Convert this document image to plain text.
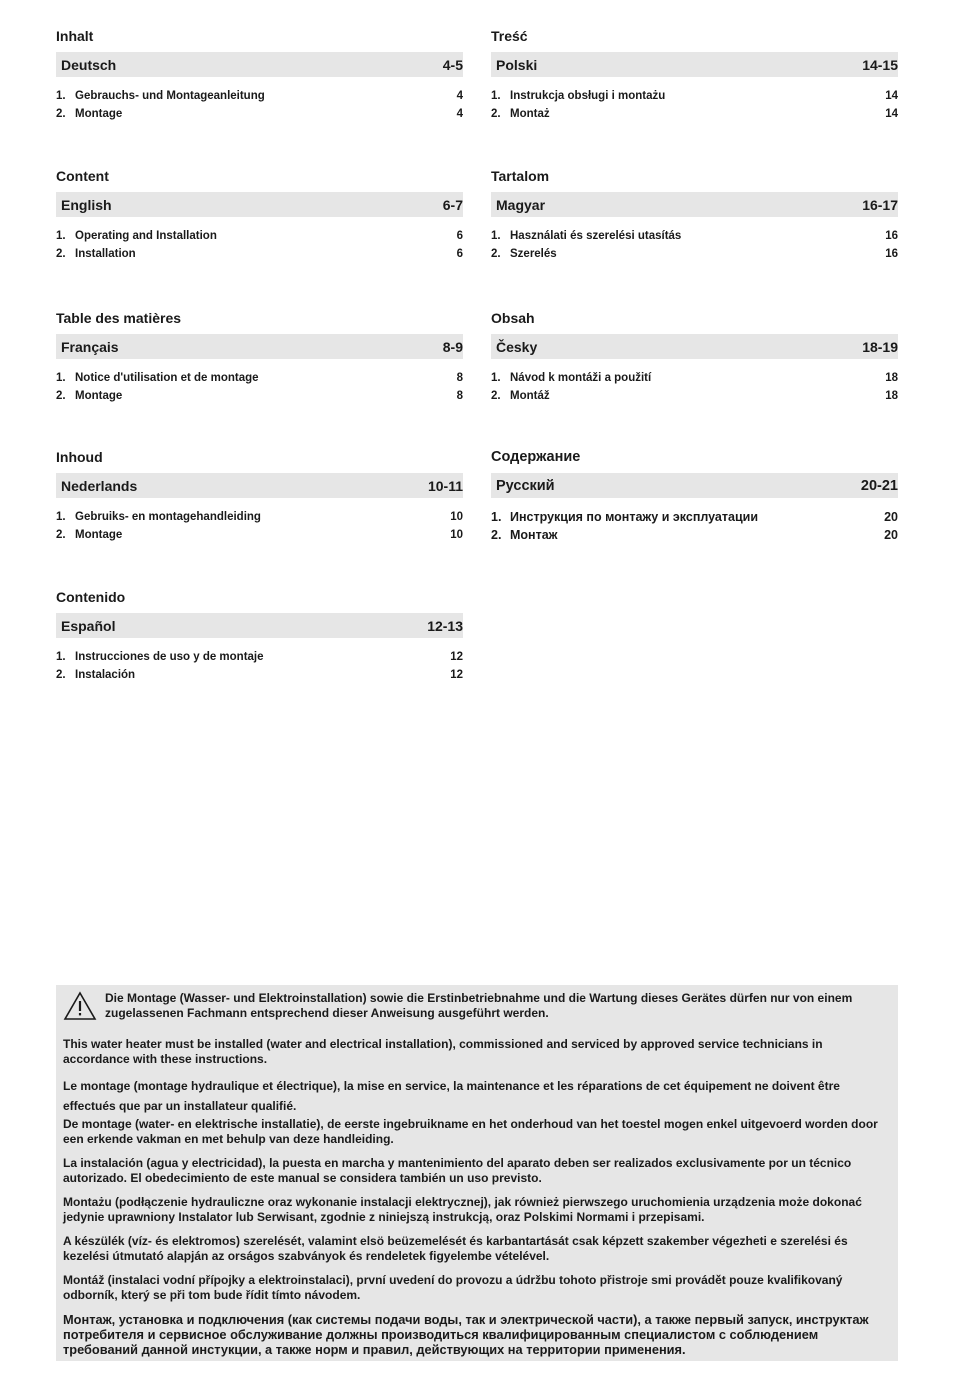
Inhalt
Deutsch	4-5
1. Gebrauchs- und Montageanleitung	4
2. Montage	4
Content
English	6-7
1. Operating and Installation	6
2. Installation	6
Table des matières
Français	8-9
1. Notice d'utilisation et de montage	8
2. Montage	8
Inhoud
Nederlands	10-11
1. Gebruiks- en montagehandleiding	10
2. Montage	10
Contenido
Español	12-13
1. Instrucciones de uso y de montaje	12
2. Instalación	12
Treść
Polski	14-15
1. Instrukcja obsługi i montażu	14
2. Montaż	14
Tartalom
Magyar	16-17
1. Használati és szerelési utasítás	16
2. Szerelés	16
Obsah
Česky	18-19
1. Návod k montáži a použití	18
2. Montáž	18
Содержание
Русский	20-21
1. Инструкция по монтажу и эксплуатации	20
2. Монтаж	20

Die Montage (Wasser- und Elektroinstallation) sowie die Erstinbetriebnahme und die Wartung dieses Gerätes dürfen nur von einem zugelassenen Fachmann entsprechend dieser Anweisung ausgeführt werden.

This water heater must be installed (water and electrical installation), commissioned and serviced by approved service technicians in accordance with these instructions.

Le montage (montage hydraulique et électrique), la mise en service, la maintenance et les réparations de cet équipement ne doivent être effectués que par un installateur qualifié.

De montage (water- en elektrische installatie), de eerste ingebruikname en het onderhoud van het toestel mogen enkel uitgevoerd worden door een erkende vakman en met behulp van deze handleiding.

La instalación (agua y electricidad), la puesta en marcha y mantenimiento del aparato deben ser realizados exclusivamente por un técnico autorizado. El obedecimiento de este manual se considera también un uso previsto.

Montażu (podłączenie hydrauliczne oraz wykonanie instalacji elektrycznej), jak również pierwszego uruchomienia urządzenia może dokonać jedynie uprawniony Instalator lub Serwisant, zgodnie z niniejszą instrukcją, oraz Polskimi Normami i przepisami.

A készülék (víz- és elektromos) szerelését, valamint elsö beüzemelését és karbantartását csak képzett szakember végezheti e szerelési és kezelési útmutató alapján az orságos szabványok és rendeletek figyelembe vételével.

Montáž (instalaci vodní přípojky a elektroinstalaci), první uvedení do provozu a údržbu tohoto přistroje smi provádět pouze kvalifikovaný odborník, který se při tom bude řídit tímto návodem.

Монтаж, установка и подключения (как системы подачи воды, так и электрической части), а также первый запуск, инструктаж потребителя и сервисное обслуживание должны производиться квалифицированным специалистом с соблюдением требований данной инстукции, а также норм и правил, действующих на территории применения.
